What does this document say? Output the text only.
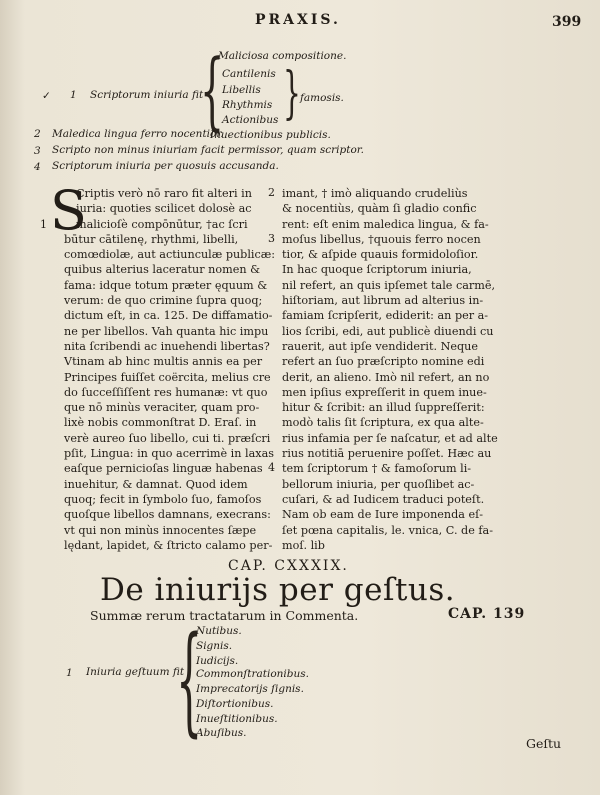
PRAXIS.	399
✓ 1 Scriptorum iniuria fit
{
Maliciosa compositione.
Cantilenis
Libellis
Rhythmis
Actionibus } famosis.
Inuectionibus publicis.
2 Maledica lingua ferro nocentior.
3 Scripto non minus iniuriam facit permissor, quam scriptor.
4 Scriptorum iniuria per quosuis accusanda.
S
1
Criptis verò nō raro fit alteri in
iuria: quoties scilicet dolosè ac
malicioſè compōnūtur, †ac ſcri
būtur cātilenę, rhythmi, libelli,
comœdiolæ, aut actiunculæ publicæ:
quibus alterius laceratur nomen &
fama: idque totum præter ęquum &
verum: de quo crimine ſupra quoq;
dictum eſt, in ca. 125. De diffamatio-
ne per libellos. Vah quanta hic impu
nita ſcribendi ac inuehendi libertas?
Vtinam ab hinc multis annis ea per
Principes fuiſſet coërcita, melius cre
do ſucceſſiſſent res humanæ: vt quo
que nō minùs veraciter, quam pro-
lixè nobis commonſtrat D. Eraſ. in
verè aureo ſuo libello, cui ti. præſcri
pſit, Lingua: in quo acerrimè in laxas
eaſque pernicioſas linguæ habenas
inuehitur, & damnat. Quod idem
quoq; fecit in ſymbolo ſuo, famoſos
quoſque libellos damnans, execrans:
vt qui non minùs innocentes ſæpe
lędant, lapidet, & ſtricto calamo per-
2
3
4
imant, † imò aliquando crudeliùs
& nocentiùs, quàm ſi gladio confic
rent: eſt enim maledica lingua, & fa-
moſus libellus, †quouis ferro nocen
tior, & aſpide quauis formidoloſior.
In hac quoque ſcriptorum iniuria,
nil refert, an quis ipſemet tale carmē,
hiſtoriam, aut librum ad alterius in-
famiam ſcripſerit, ediderit: an per a-
lios ſcribi, edi, aut publicè diuendi cu
rauerit, aut ipſe vendiderit. Neque
refert an ſuo præſcripto nomine edi
derit, an alieno. Imò nil refert, an no
men ipſius expreſſerit in quem inue-
hitur & ſcribit: an illud ſuppreſſerit:
modò talis ſit ſcriptura, ex qua alte-
rius infamia per ſe naſcatur, et ad alte
rius notitiā peruenire poſſet. Hæc au
tem ſcriptorum † & famoſorum li-
bellorum iniuria, per quoſlibet ac-
cuſari, & ad Iudicem traduci poteſt.
Nam ob eam de Iure imponenda eſ-
ſet pœna capitalis, le. vnica, C. de fa-
moſ. lib
CAP. CXXXIX.
De iniurijs per geſtus.
Summæ rerum tractatarum in Commenta.	CAP. 139
1 Iniuria geſtuum fit
{
Nutibus.
Signis.
Iudicijs.
Commonſtrationibus.
Imprecatorijs ſignis.
Diſtortionibus.
Inueſtitionibus.
Abuſibus.
Geſtu
